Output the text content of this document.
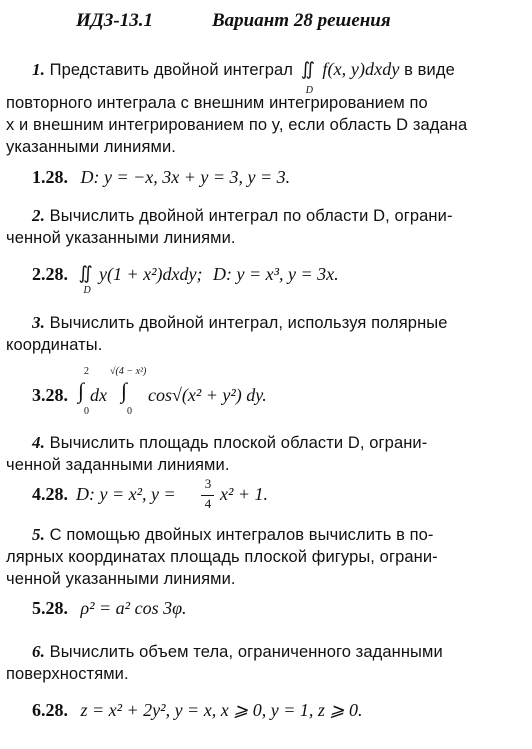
ИДЗ-13.1	Вариант 28 решения
1. Представить двойной интеграл ∬
D
f(x, y)dxdy в виде
повторного интеграла с внешним интегрированием по
x и внешним интегрированием по y, если область D задана
указанными линиями.
1.28. D: y = −x, 3x + y = 3, y = 3.
2. Вычислить двойной интеграл по области D, ограни-
ченной указанными линиями.
2.28. ∬
D
y(1 + x²)dxdy; D: y = x³, y = 3x.
3. Вычислить двойной интеграл, используя полярные
координаты.
3.28.
2
∫
0
dx
√(4 − x²)
∫
0
cos√(x² + y²) dy.
4. Вычислить площадь плоской области D, ограни-
ченной заданными линиями.
4.28. D: y = x², y =
3
4 x² + 1.
5. С помощью двойных интегралов вычислить в по-
лярных координатах площадь плоской фигуры, ограни-
ченной указанными линиями.
5.28. ρ² = a² cos 3φ.
6. Вычислить объем тела, ограниченного заданными
поверхностями.
6.28. z = x² + 2y², y = x, x ⩾ 0, y = 1, z ⩾ 0.
